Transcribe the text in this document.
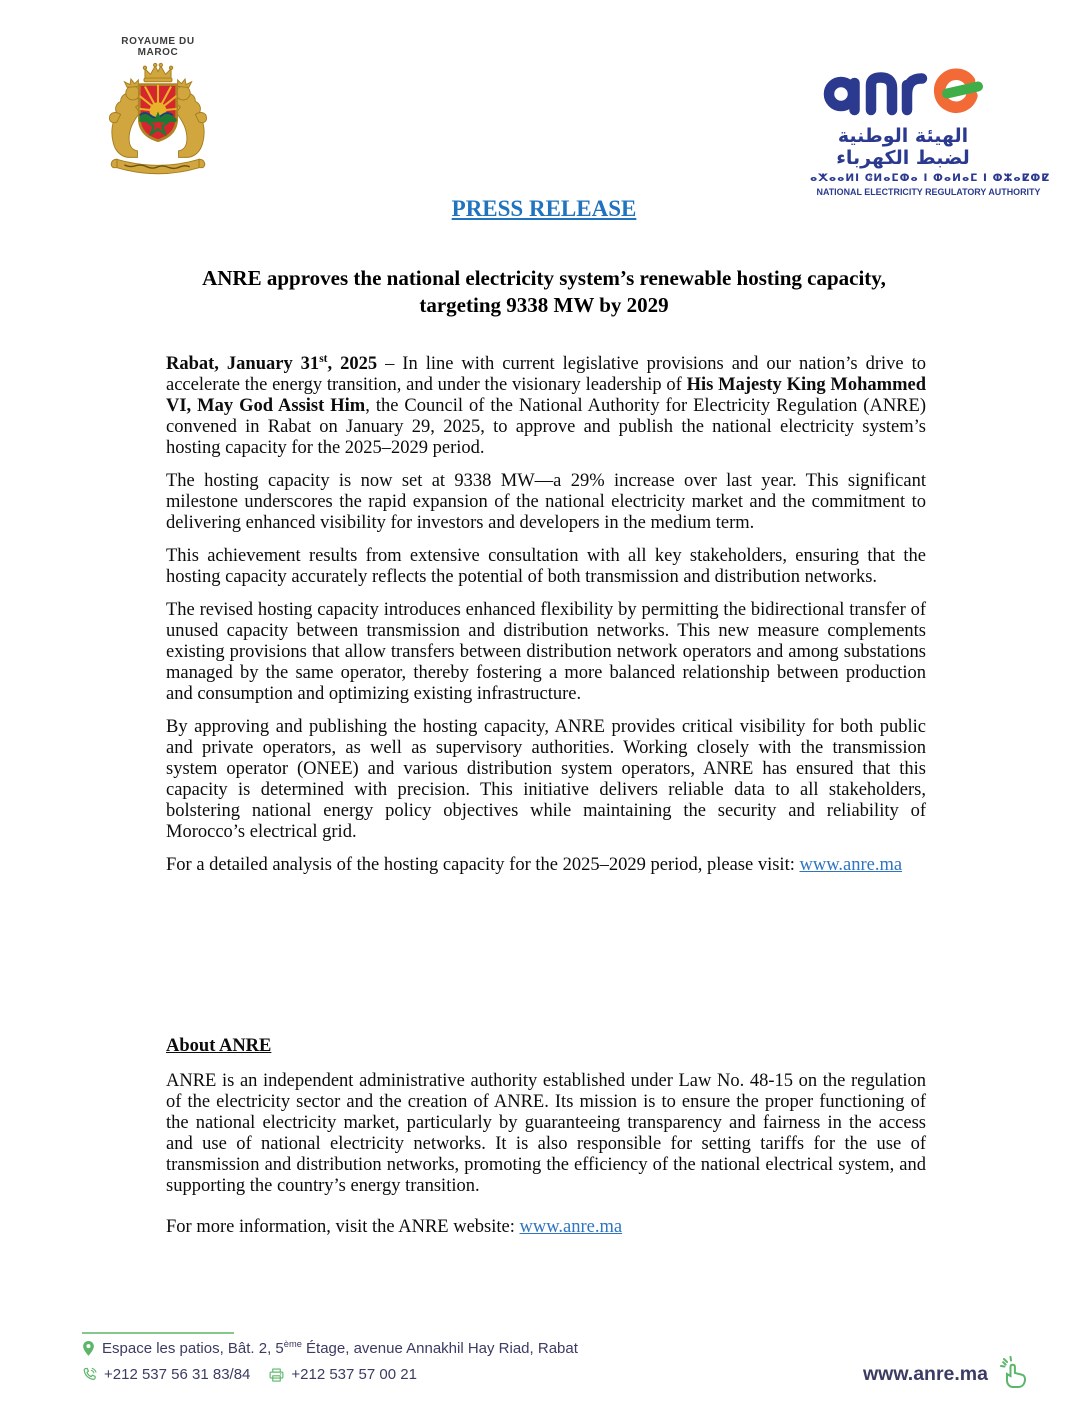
ROYAUME DU MAROC
الهيئة الوطنية لضبط الكهرباء
ⴰⵅⴰⴰⵍⵏ ⵛⵍⴰⵎⵀⴰ ⵏ ⵀⴰⵍⴰⵎ ⵏ ⵀⵣⴰⵇⵀⵇ
NATIONAL ELECTRICITY REGULATORY AUTHORITY
PRESS RELEASE
ANRE approves the national electricity system’s renewable hosting capacity,
targeting 9338 MW by 2029

Rabat, January 31st, 2025 – In line with current legislative provisions and our nation’s drive to accelerate the energy transition, and under the visionary leadership of His Majesty King Mohammed VI, May God Assist Him, the Council of the National Authority for Electricity Regulation (ANRE) convened in Rabat on January 29, 2025, to approve and publish the national electricity system’s hosting capacity for the 2025–2029 period.

The hosting capacity is now set at 9338 MW—a 29% increase over last year. This significant milestone underscores the rapid expansion of the national electricity market and the commitment to delivering enhanced visibility for investors and developers in the medium term.

This achievement results from extensive consultation with all key stakeholders, ensuring that the hosting capacity accurately reflects the potential of both transmission and distribution networks.

The revised hosting capacity introduces enhanced flexibility by permitting the bidirectional transfer of unused capacity between transmission and distribution networks. This new measure complements existing provisions that allow transfers between distribution network operators and among substations managed by the same operator, thereby fostering a more balanced relationship between production and consumption and optimizing existing infrastructure.

By approving and publishing the hosting capacity, ANRE provides critical visibility for both public and private operators, as well as supervisory authorities. Working closely with the transmission system operator (ONEE) and various distribution system operators, ANRE has ensured that this capacity is determined with precision. This initiative delivers reliable data to all stakeholders, bolstering national energy policy objectives while maintaining the security and reliability of Morocco’s electrical grid.

For a detailed analysis of the hosting capacity for the 2025–2029 period, please visit: www.anre.ma

About ANRE

ANRE is an independent administrative authority established under Law No. 48-15 on the regulation of the electricity sector and the creation of ANRE. Its mission is to ensure the proper functioning of the national electricity market, particularly by guaranteeing transparency and fairness in the access and use of national electricity networks. It is also responsible for setting tariffs for the use of transmission and distribution networks, promoting the efficiency of the national electrical system, and supporting the country’s energy transition.

For more information, visit the ANRE website: www.anre.ma

Espace les patios, Bât. 2, 5ème Étage, avenue Annakhil Hay Riad, Rabat
+212 537 56 31 83/84	+212 537 57 00 21	www.anre.ma
